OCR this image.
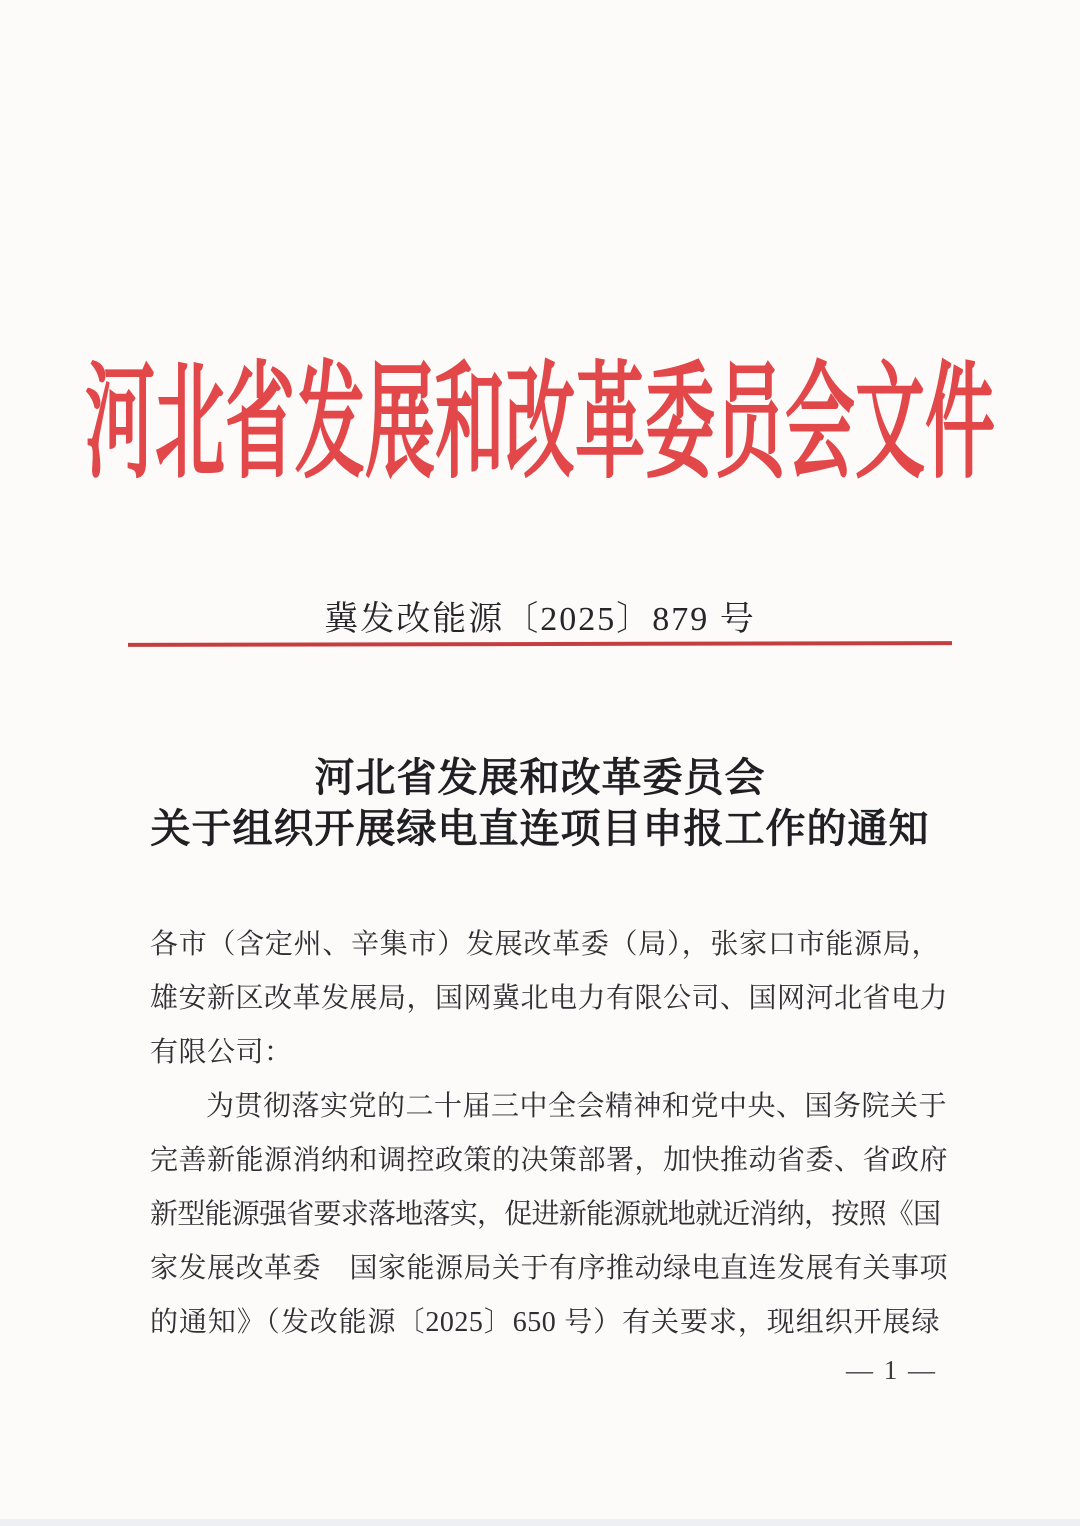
河北省发展和改革委员会文件
冀发改能源〔2025〕879 号
河北省发展和改革委员会
关于组织开展绿电直连项目申报工作的通知
各市（含定州、辛集市）发展改革委（局），张家口市能源局，
雄安新区改革发展局，国网冀北电力有限公司、国网河北省电力
有限公司：
为贯彻落实党的二十届三中全会精神和党中央、国务院关于
完善新能源消纳和调控政策的决策部署，加快推动省委、省政府
新型能源强省要求落地落实，促进新能源就地就近消纳，按照《国
家发展改革委　国家能源局关于有序推动绿电直连发展有关事项
的通知》（发改能源〔2025〕650 号）有关要求，现组织开展绿
— 1 —
